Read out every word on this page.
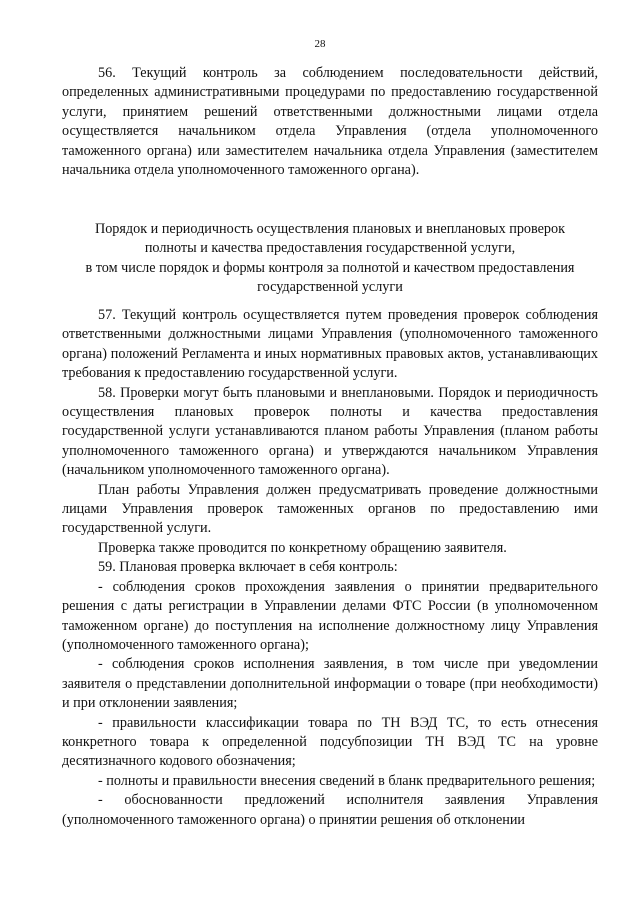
28

56. Текущий контроль за соблюдением последовательности действий, определенных административными процедурами по предоставлению государственной услуги, принятием решений ответственными должностными лицами отдела осуществляется начальником отдела Управления (отдела уполномоченного таможенного органа) или заместителем начальника отдела Управления (заместителем начальника отдела уполномоченного таможенного органа).

Порядок и периодичность осуществления плановых и внеплановых проверок
полноты и качества предоставления государственной услуги,
в том числе порядок и формы контроля за полнотой и качеством предоставления
государственной услуги

57. Текущий контроль осуществляется путем проведения проверок соблюдения ответственными должностными лицами Управления (уполномоченного таможенного органа) положений Регламента и иных нормативных правовых актов, устанавливающих требования к предоставлению государственной услуги.

58. Проверки могут быть плановыми и внеплановыми. Порядок и периодичность осуществления плановых проверок полноты и качества предоставления государственной услуги устанавливаются планом работы Управления (планом работы уполномоченного таможенного органа) и утверждаются начальником Управления (начальником уполномоченного таможенного органа).

План работы Управления должен предусматривать проведение должностными лицами Управления проверок таможенных органов по предоставлению ими государственной услуги.

Проверка также проводится по конкретному обращению заявителя.

59. Плановая проверка включает в себя контроль:

- соблюдения сроков прохождения заявления о принятии предварительного решения с даты регистрации в Управлении делами ФТС России (в уполномоченном таможенном органе) до поступления на исполнение должностному лицу Управления (уполномоченного таможенного органа);

- соблюдения сроков исполнения заявления, в том числе при уведомлении заявителя о представлении дополнительной информации о товаре (при необходимости) и при отклонении заявления;

- правильности классификации товара по ТН ВЭД ТС, то есть отнесения конкретного товара к определенной подсубпозиции ТН ВЭД ТС на уровне десятизначного кодового обозначения;

- полноты и правильности внесения сведений в бланк предварительного решения;

- обоснованности предложений исполнителя заявления Управления (уполномоченного таможенного органа) о принятии решения об отклонении
